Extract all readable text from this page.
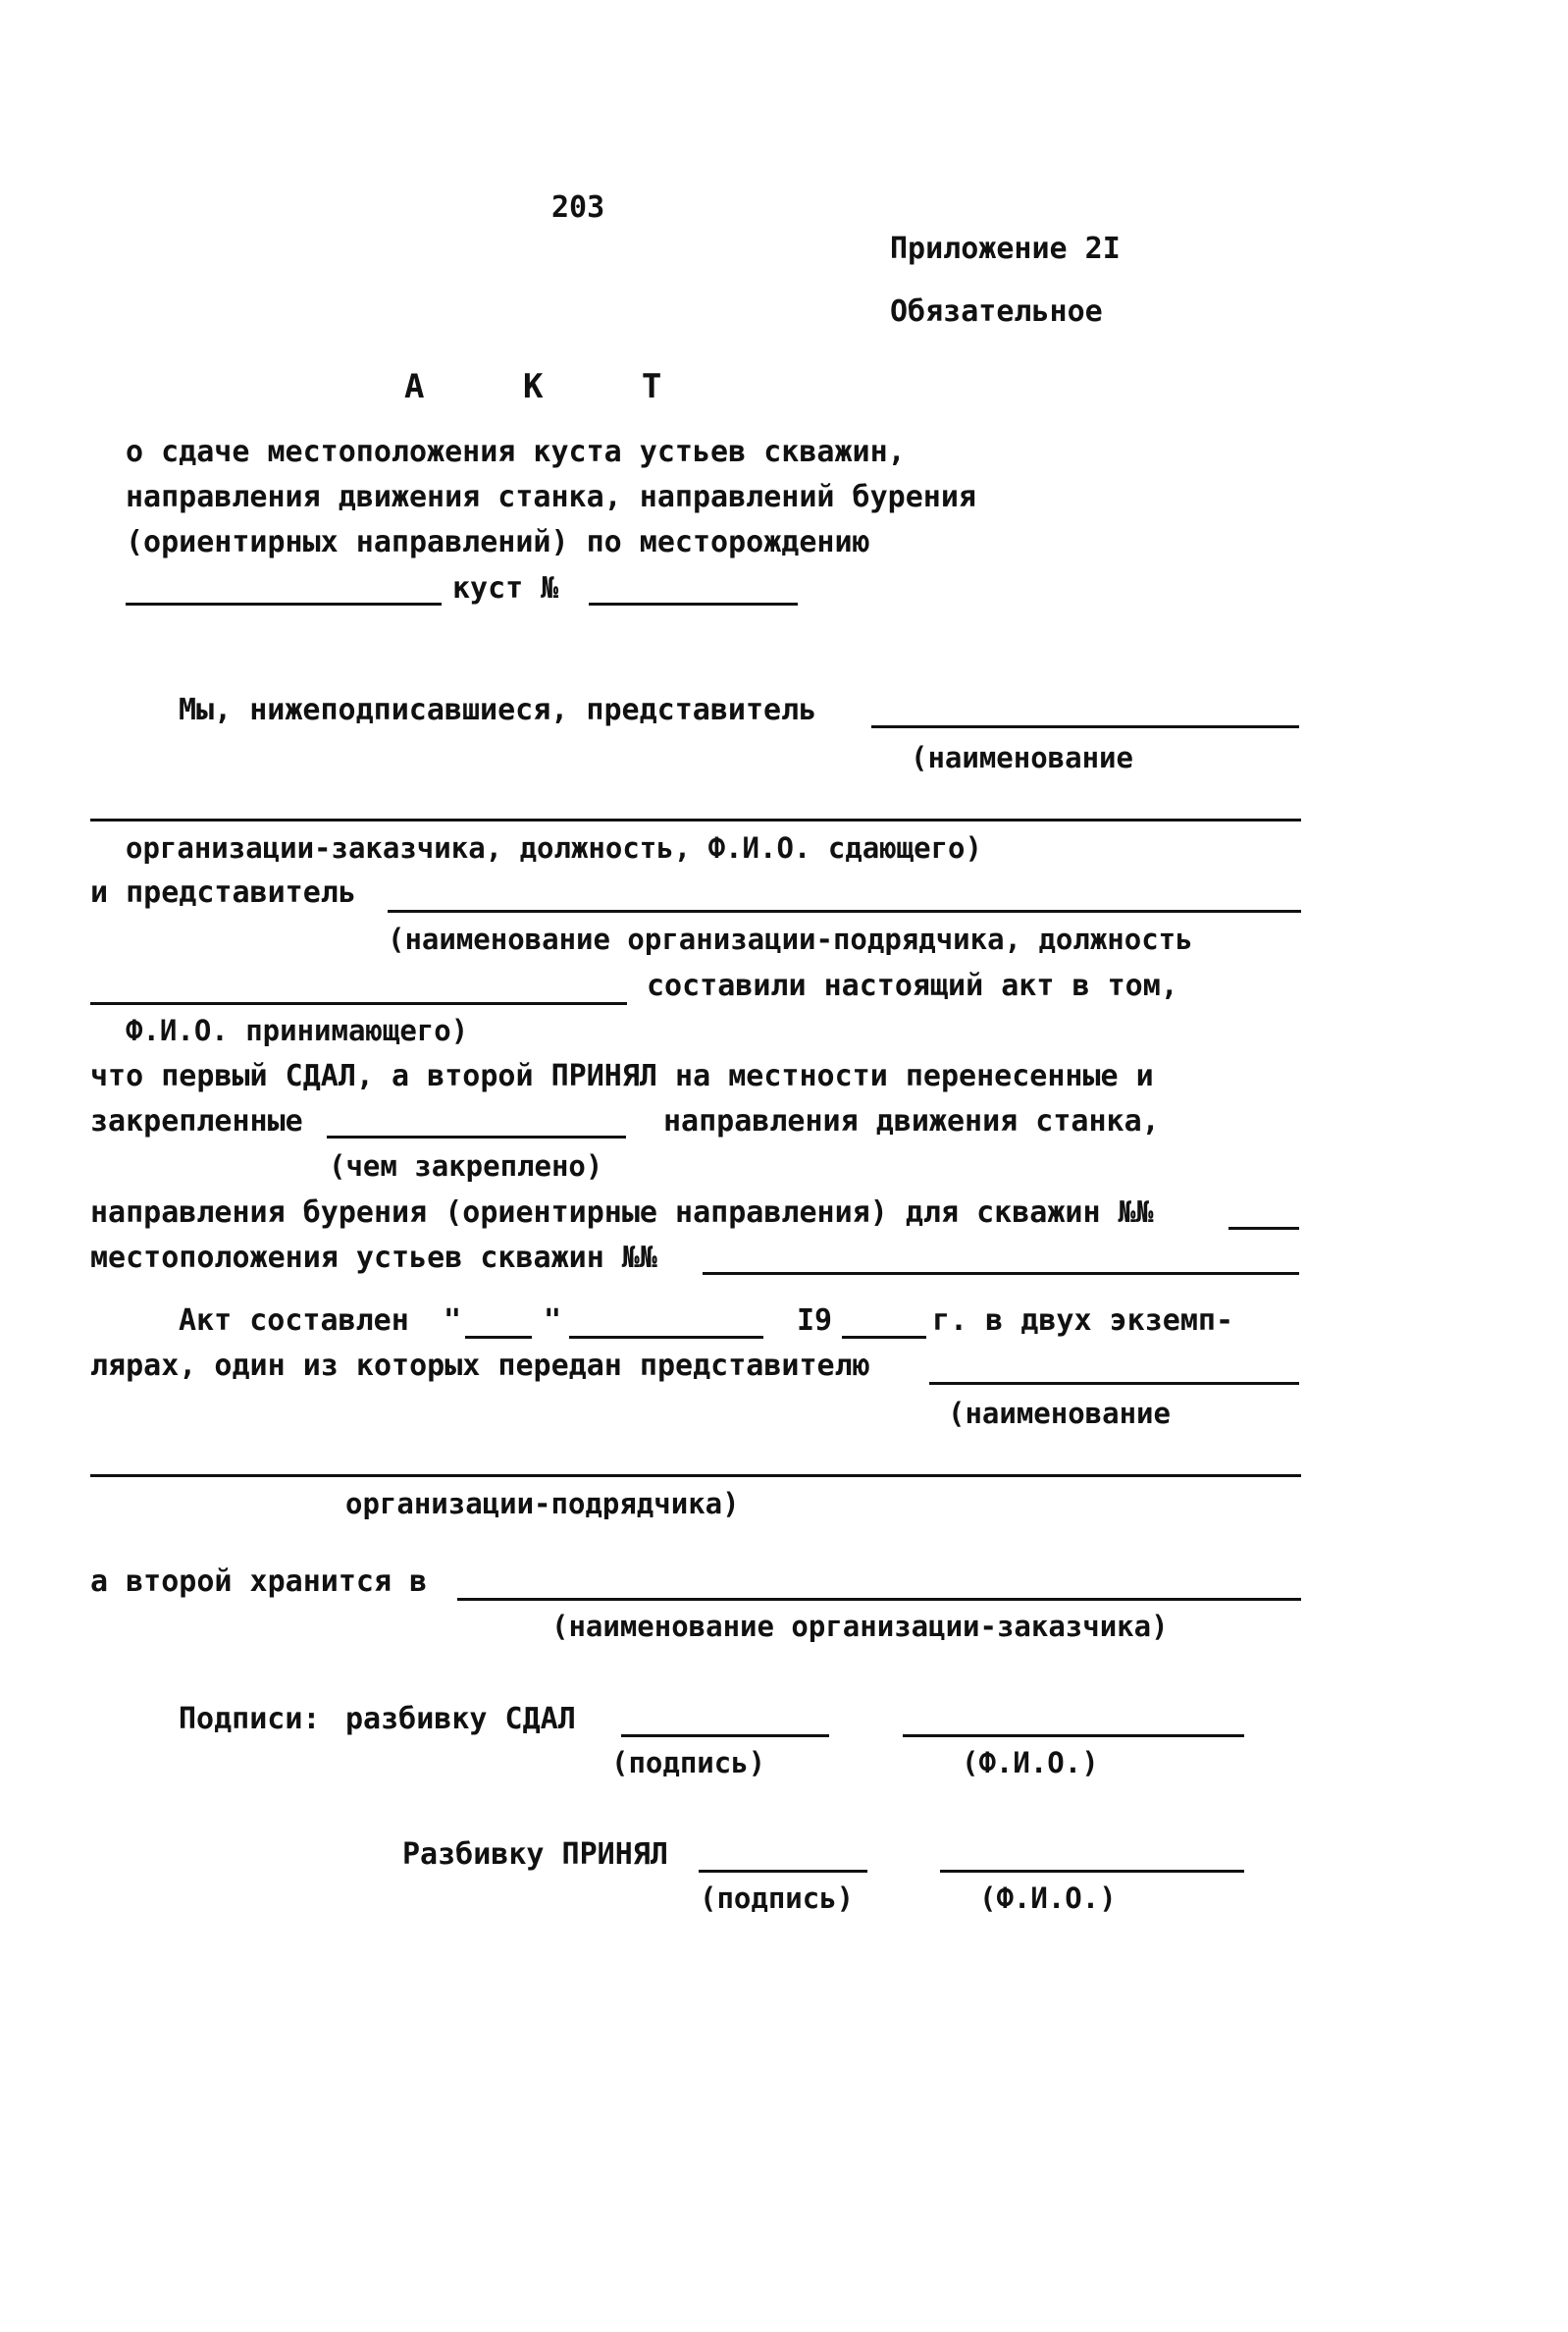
203
Приложение 2I
Обязательное
А К Т
о сдаче местоположения куста устьев скважин,
направления движения станка, направлений бурения
(ориентирных направлений) по месторождению
куст №
Мы, нижеподписавшиеся, представитель
(наименование
организации-заказчика, должность, Ф.И.О. сдающего)
и представитель
(наименование организации-подрядчика, должность
составили настоящий акт в том,
Ф.И.О. принимающего)
что первый СДАЛ, а второй ПРИНЯЛ на местности перенесенные и
закрепленные	направления движения станка,
(чем закреплено)
направления бурения (ориентирные направления) для скважин №№
местоположения устьев скважин №№
Акт составлен "	"	I9	г. в двух экземп-
ляpax, один из которых передан представителю
(наименование
организации-подрядчика)
а второй хранится в
(наименование организации-заказчика)
Подписи: разбивку СДАЛ
(подпись)	(Ф.И.О.)
Разбивку ПРИНЯЛ
(подпись)	(Ф.И.О.)
